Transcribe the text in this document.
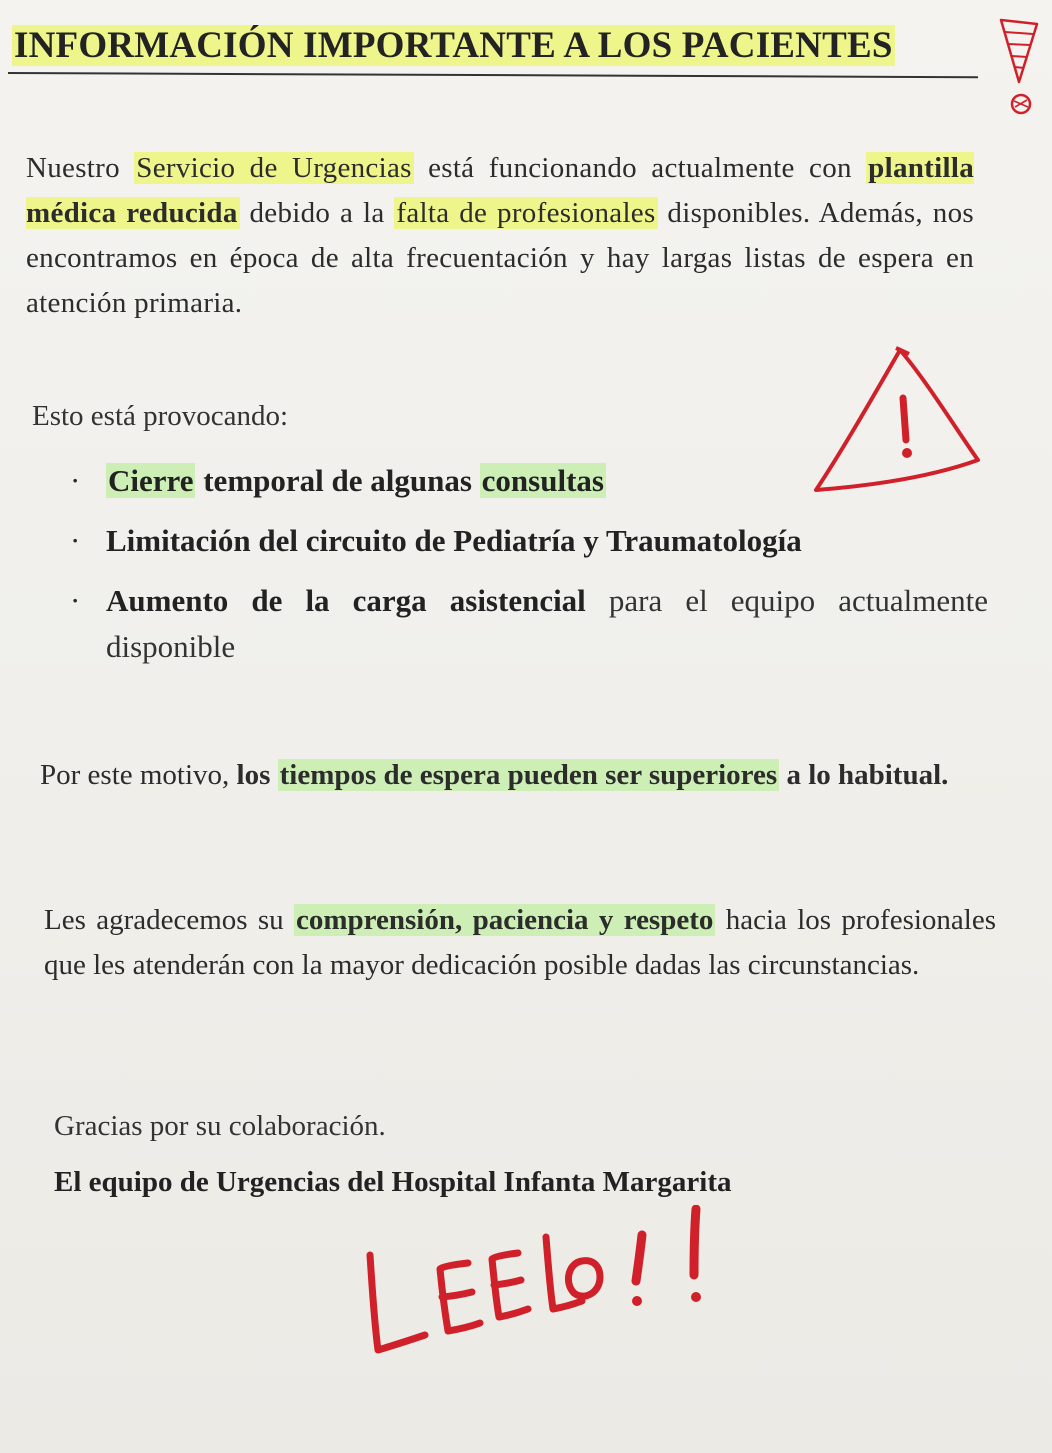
INFORMACIÓN IMPORTANTE A LOS PACIENTES

Nuestro Servicio de Urgencias está funcionando actualmente con plantilla médica reducida debido a la falta de profesionales disponibles. Además, nos encontramos en época de alta frecuentación y hay largas listas de espera en atención primaria.

Esto está provocando:

· Cierre temporal de algunas consultas
· Limitación del circuito de Pediatría y Traumatología
· Aumento de la carga asistencial para el equipo actualmente disponible

Por este motivo, los tiempos de espera pueden ser superiores a lo habitual.

Les agradecemos su comprensión, paciencia y respeto hacia los profesionales que les atenderán con la mayor dedicación posible dadas las circunstancias.

Gracias por su colaboración.

El equipo de Urgencias del Hospital Infanta Margarita
